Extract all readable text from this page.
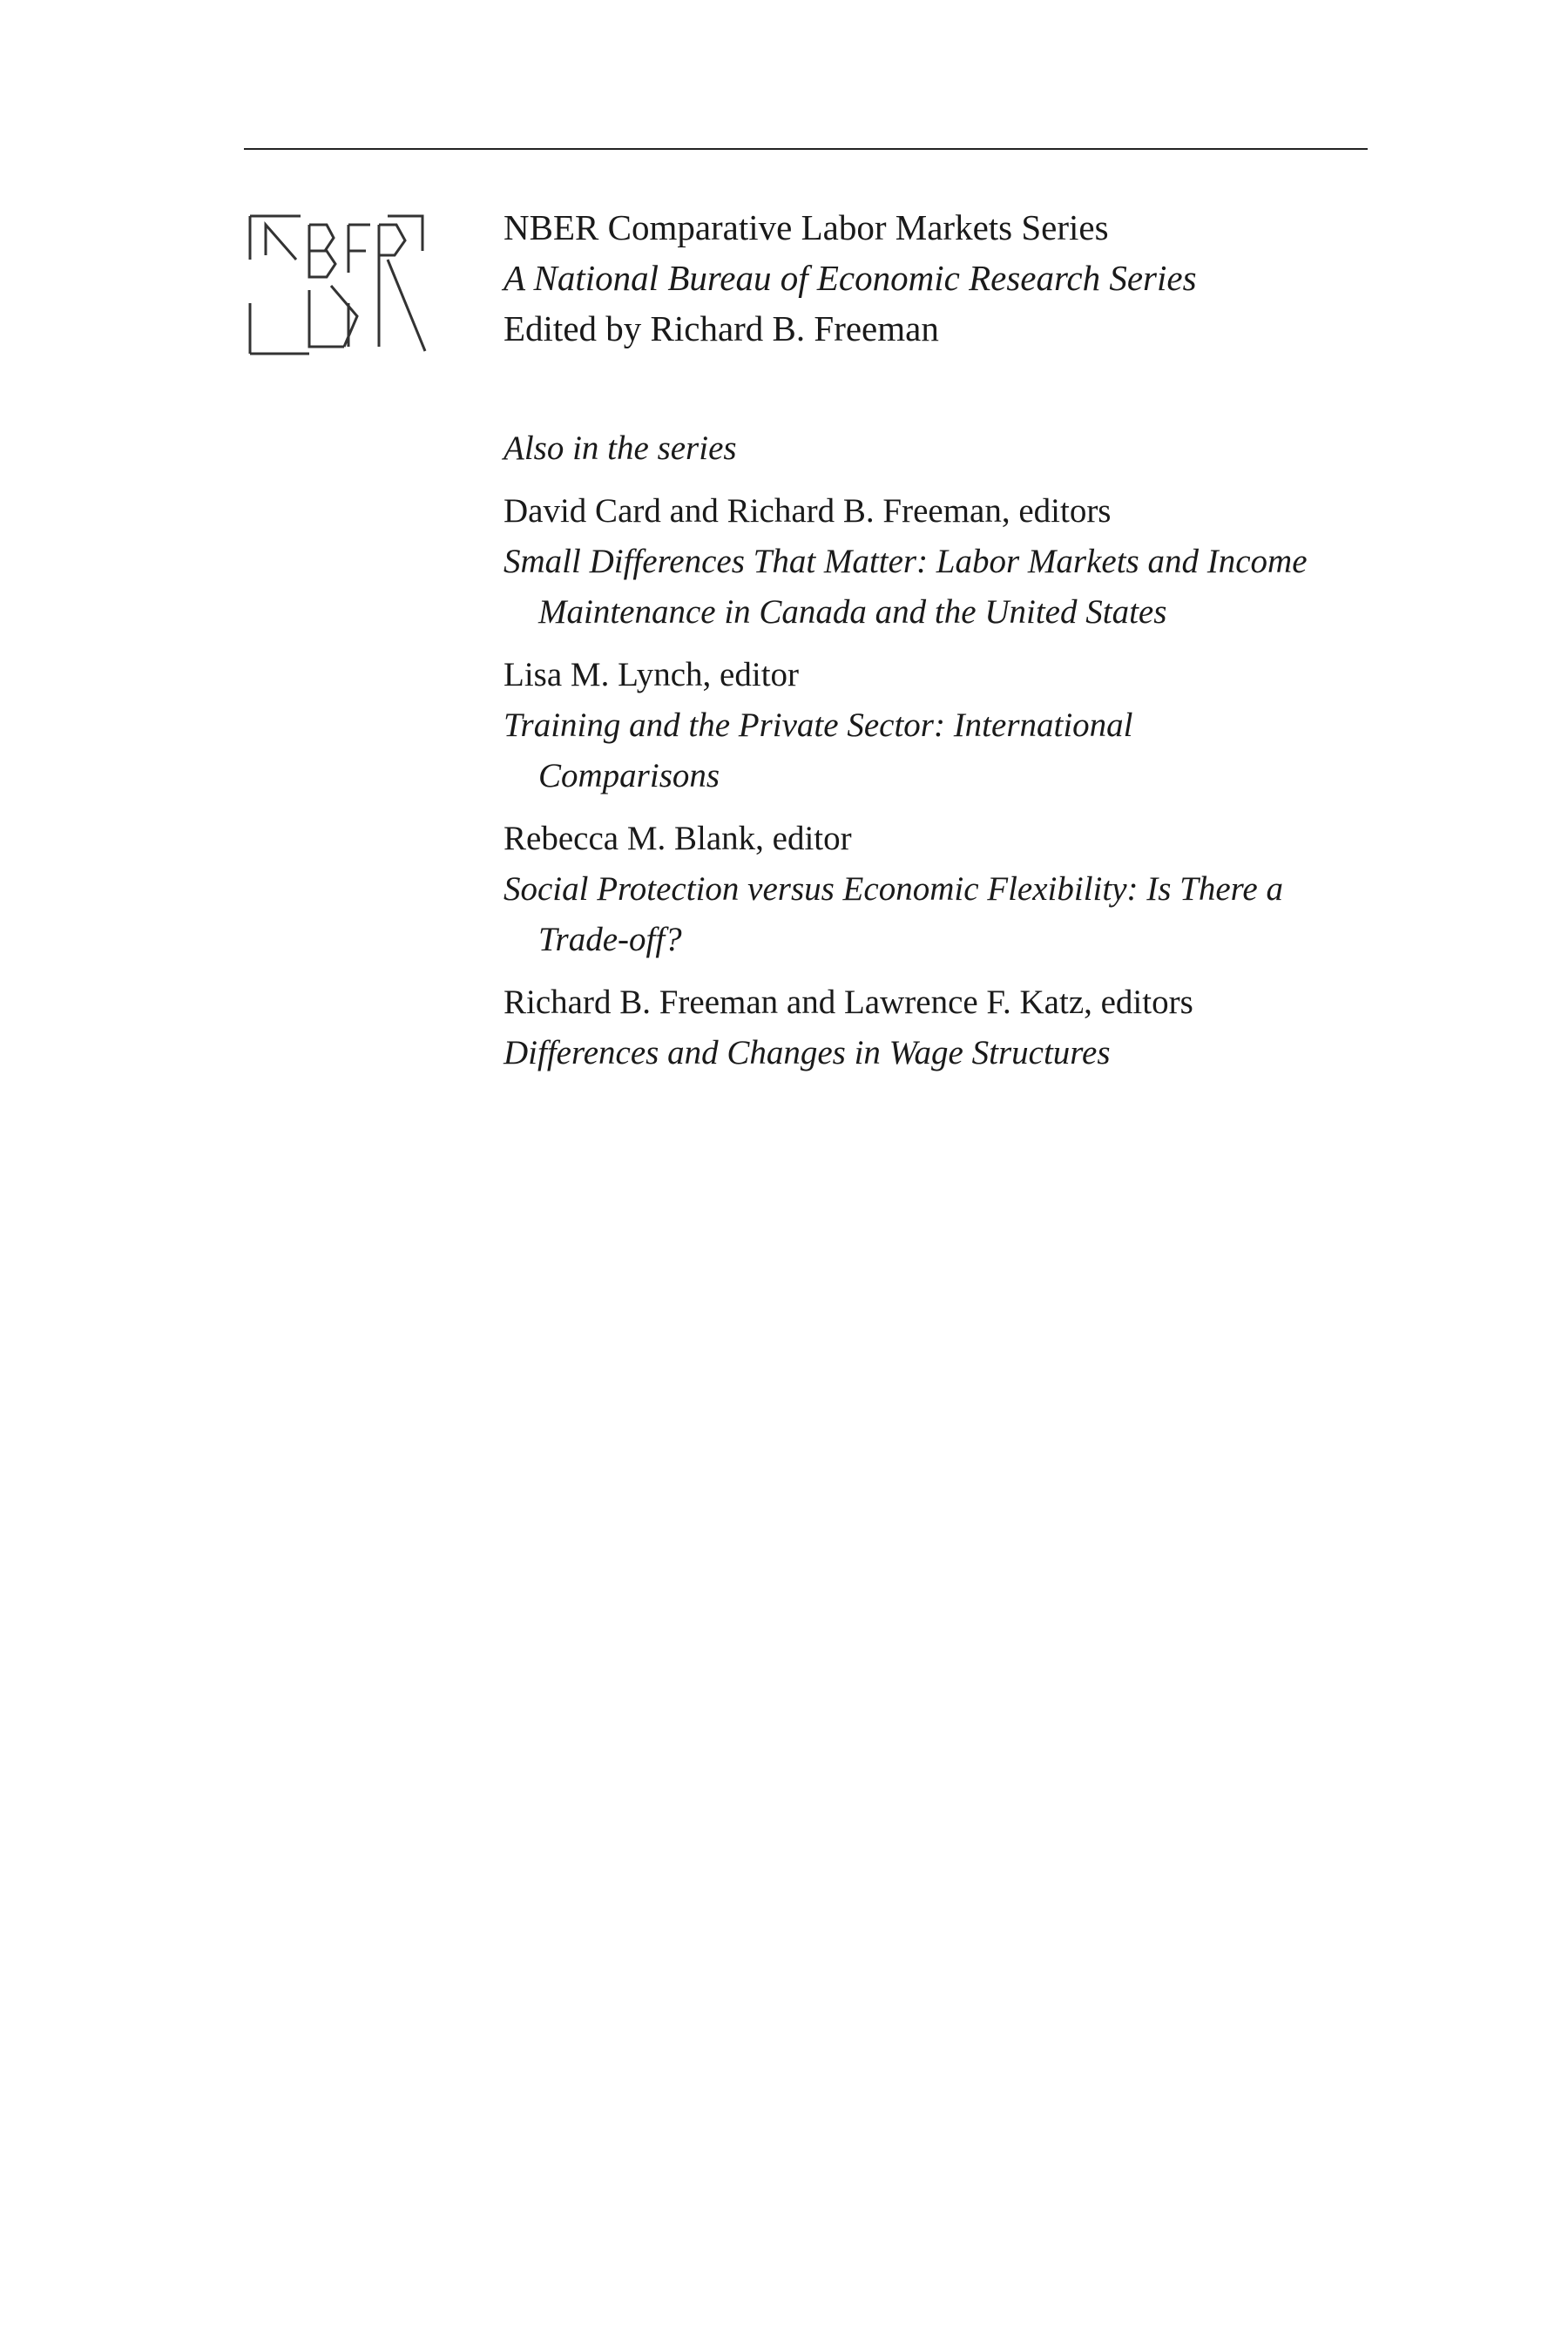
NBER Comparative Labor Markets Series
A National Bureau of Economic Research Series
Edited by Richard B. Freeman
Also in the series
David Card and Richard B. Freeman, editors
Small Differences That Matter: Labor Markets and Income
Maintenance in Canada and the United States
Lisa M. Lynch, editor
Training and the Private Sector: International
Comparisons
Rebecca M. Blank, editor
Social Protection versus Economic Flexibility: Is There a
Trade-off?
Richard B. Freeman and Lawrence F. Katz, editors
Differences and Changes in Wage Structures
